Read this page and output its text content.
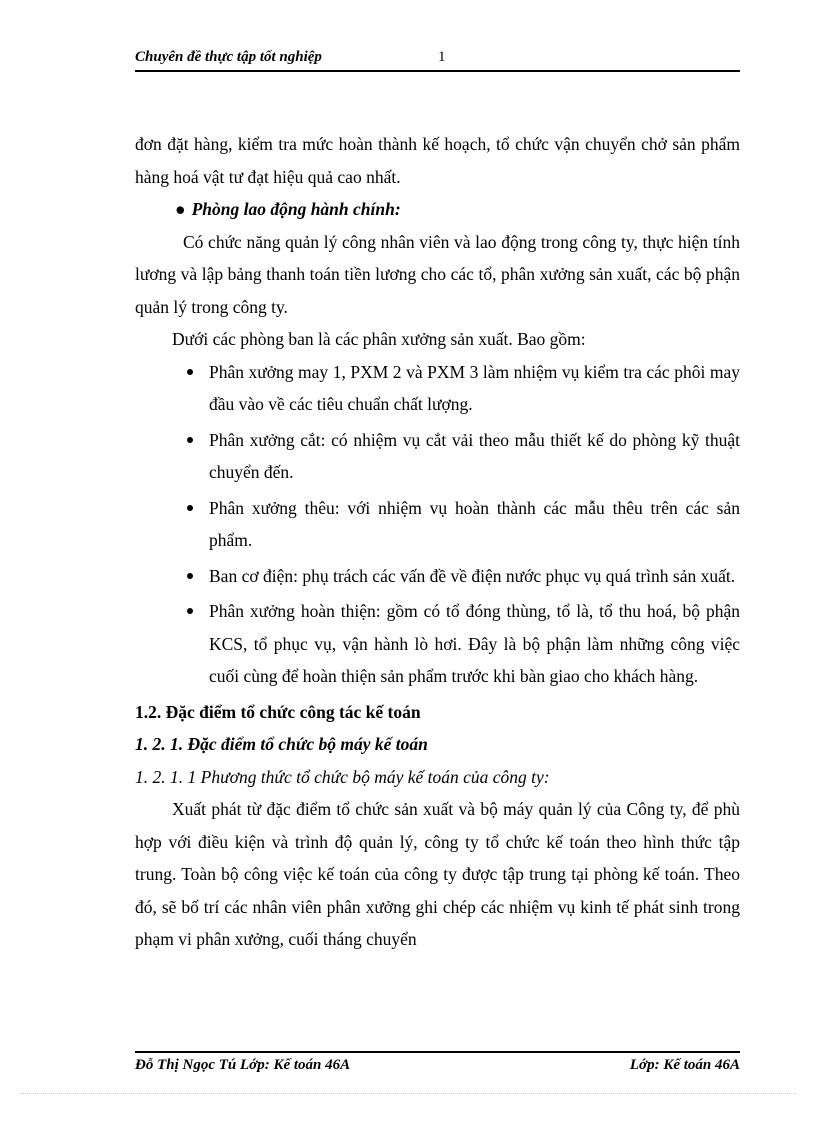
Chuyên đề thực tập tốt nghiệp	1

đơn đặt hàng, kiểm tra mức hoàn thành kế hoạch, tổ chức vận chuyển chở sản phẩm hàng hoá vật tư đạt hiệu quả cao nhất.

● Phòng lao động hành chính:

Có chức năng quản lý công nhân viên và lao động trong công ty, thực hiện tính lương và lập bảng thanh toán tiền lương cho các tổ, phân xưởng sản xuất, các bộ phận quản lý trong công ty.

Dưới các phòng ban là các phân xưởng sản xuất. Bao gồm:

Phân xưởng may 1, PXM 2 và PXM 3 làm nhiệm vụ kiểm tra các phôi may đầu vào về các tiêu chuẩn chất lượng.
Phân xưởng cắt: có nhiệm vụ cắt vải theo mẫu thiết kế do phòng kỹ thuật chuyển đến.
Phân xưởng thêu: với nhiệm vụ hoàn thành các mẫu thêu trên các sản phẩm.
Ban cơ điện: phụ trách các vấn đề về điện nước phục vụ quá trình sản xuất.
Phân xưởng hoàn thiện: gồm có tổ đóng thùng, tổ là, tổ thu hoá, bộ phận KCS, tổ phục vụ, vận hành lò hơi. Đây là bộ phận làm những công việc cuối cùng để hoàn thiện sản phẩm trước khi bàn giao cho khách hàng.
1.2. Đặc điểm tổ chức công tác kế toán
1. 2. 1. Đặc điểm tổ chức bộ máy kế toán
1. 2. 1. 1 Phương thức tổ chức bộ máy kế toán của công ty:

Xuất phát từ đặc điểm tổ chức sản xuất và bộ máy quản lý của Công ty, để phù hợp với điều kiện và trình độ quản lý, công ty tổ chức kế toán theo hình thức tập trung. Toàn bộ công việc kế toán của công ty được tập trung tại phòng kế toán. Theo đó, sẽ bố trí các nhân viên phân xưởng ghi chép các nhiệm vụ kinh tế phát sinh trong phạm vi phân xưởng, cuối tháng chuyển

Đỗ Thị Ngọc Tú Lớp: Kế toán 46A	Lớp: Kế toán 46A
